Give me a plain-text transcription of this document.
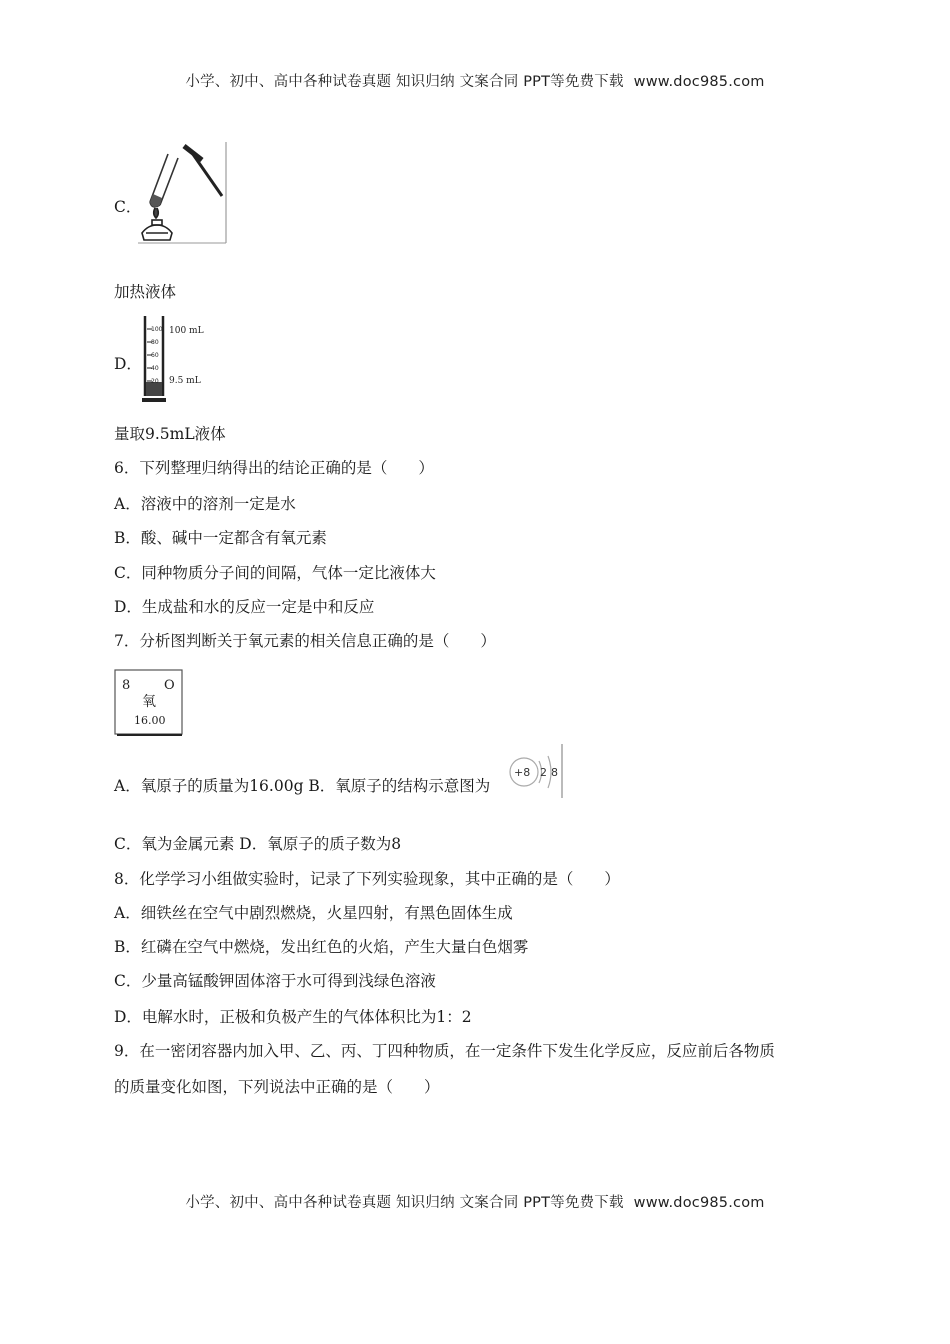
小学、初中、高中各种试卷真题 知识归纳 文案合同 PPT等免费下载 www.doc985.com
C．
加热液体
D．
100
80
60
40
20
100 mL
9.5 mL
量取9.5mL液体
6．下列整理归纳得出的结论正确的是（　　）
A．溶液中的溶剂一定是水
B．酸、碱中一定都含有氧元素
C．同种物质分子间的间隔，气体一定比液体大
D．生成盐和水的反应一定是中和反应
7．分析图判断关于氧元素的相关信息正确的是（　　）
8	O
氧
16.00
A．氧原子的质量为16.00g B．氧原子的结构示意图为
+8 2 8
C．氧为金属元素 D．氧原子的质子数为8
8．化学学习小组做实验时，记录了下列实验现象，其中正确的是（　　）
A．细铁丝在空气中剧烈燃烧，火星四射，有黑色固体生成
B．红磷在空气中燃烧，发出红色的火焰，产生大量白色烟雾
C．少量高锰酸钾固体溶于水可得到浅绿色溶液
D．电解水时，正极和负极产生的气体体积比为1：2
9．在一密闭容器内加入甲、乙、丙、丁四种物质，在一定条件下发生化学反应，反应前后各物质
的质量变化如图，下列说法中正确的是（　　）
小学、初中、高中各种试卷真题 知识归纳 文案合同 PPT等免费下载 www.doc985.com
